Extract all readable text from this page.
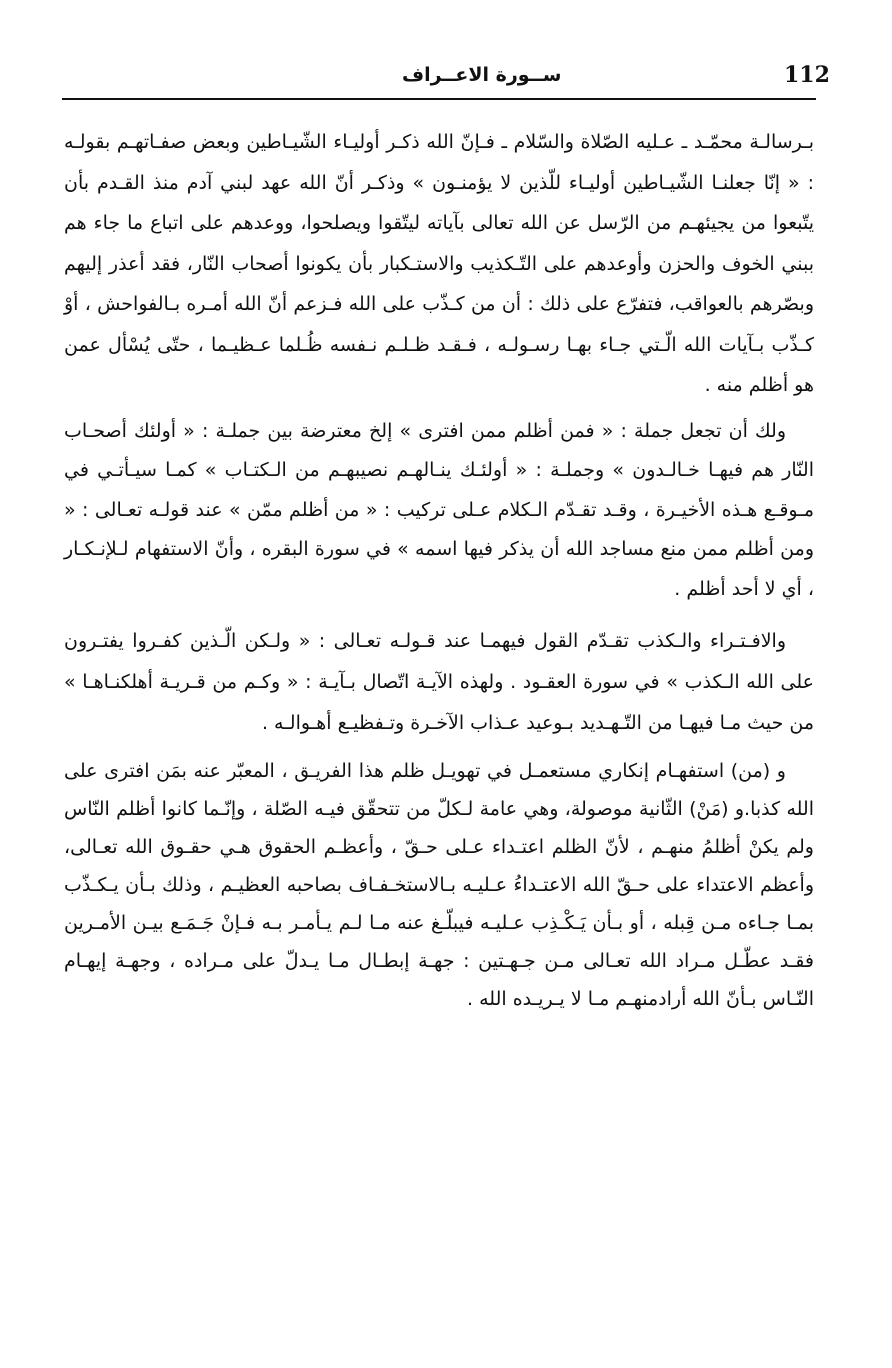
112
ســورة الاعــراف

بـرسالـة محمّـد ـ عـليه الصّلاة والسّلام ـ فـإنّ الله ذكـر أوليـاء الشّيـاطين وبعض صفـاتهـم بقولـه : « إنّا جعلنـا الشّيـاطين أوليـاء للّذين لا يؤمنـون » وذكـر أنّ الله عهد لبني آدم منذ القـدم بأن يتّبعوا من يجيئهـم من الرّسل عن الله تعالى بآياته ليتّقوا ويصلحوا، ووعدهم على اتباع ما جاء هم ببني الخوف والحزن وأوعدهم على التّـكذيب والاستـكبار بأن يكونوا أصحاب النّار، فقد أعذر إليهم وبصّرهم بالعواقب، فتفرّع على ذلك : أن من كـذّب على الله فـزعم أنّ الله أمـره بـالفواحش ، أوْ كـذّب بـآيات الله الّـتي جـاء بهـا رسـولـه ، فـقـد ظـلـم نـفسه ظُـلما عـظيـما ، حتّى يُسْأل عمن هو أظلم منه .

ولك أن تجعل جملة : « فمن أظلم ممن افترى » إلخ معترضة بين جملـة : « أولئك أصحـاب النّار هم فيهـا خـالـدون » وجملـة : « أولئـك ينـالهـم نصيبهـم من الـكتـاب » كمـا سيـأتـي في مـوقـع هـذه الأخيـرة ، وقـد تقـدّم الـكلام عـلى تركيب : « من أظلم ممّن » عند قولـه تعـالى : « ومن أظلم ممن منع مساجد الله أن يذكر فيها اسمه » في سورة البقره ، وأنّ الاستفهام لـلإنـكـار ، أي لا أحد أظلم .

والافـتـراء والـكذب تقـدّم القول فيهمـا عند قـولـه تعـالى : « ولـكن الّـذين كفـروا يفتـرون على الله الـكذب » في سورة العقـود . ولهذه الآيـة اتّصال بـآيـة : « وكـم من قـريـة أهلكنـاهـا » من حيث مـا فيهـا من التّـهـديد بـوعيد عـذاب الآخـرة وتـفظيـع أهـوالـه .

و (من) استفهـام إنكاري مستعمـل في تهويـل ظلم هذا الفريـق ، المعبّر عنه بمَن افترى على الله كذبا.و (مَنْ) الثّانية موصولة، وهي عامة لـكلّ من تتحقّق فيـه الصّلة ، وإنّـما كانوا أظلم النّاس ولم يكنْ أظلمُ منهـم ، لأنّ الظلم اعتـداء عـلى حـقّ ، وأعظـم الحقوق هـي حقـوق الله تعـالى، وأعظم الاعتداء على حـقّ الله الاعتـداءُ عـليـه بـالاستخـفـاف بصاحبه العظيـم ، وذلك بـأن يـكـذّب بمـا جـاءه مـن قِبله ، أو بـأن يَـكْـذِب عـليـه فيبلّـغ عنه مـا لـم يـأمـر بـه فـإنْ جَـمَـع بيـن الأمـرين فقـد عطّـل مـراد الله تعـالى مـن جـهـتين : جهـة إبطـال مـا يـدلّ على مـراده ، وجهـة إيهـام النّـاس بـأنّ الله أرادمنهـم مـا لا يـريـده الله .
